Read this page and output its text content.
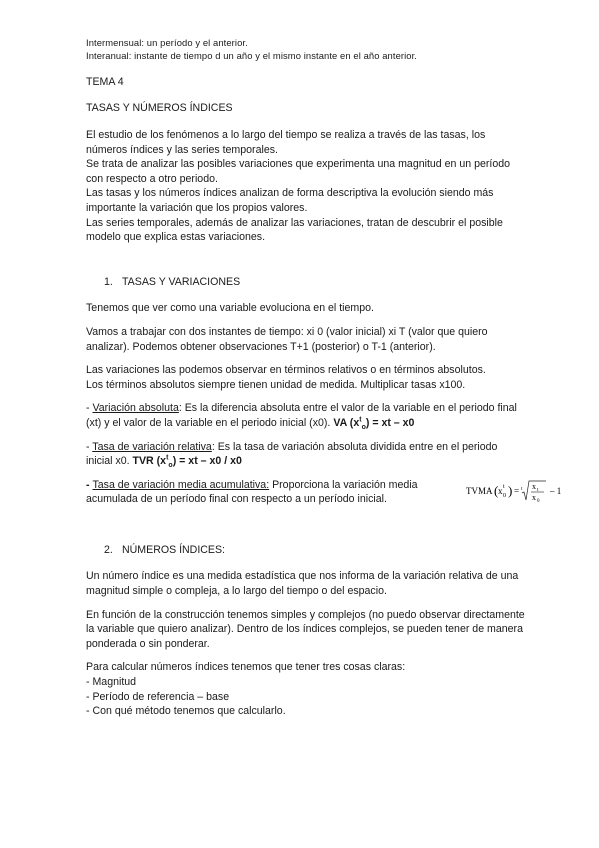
Intermensual: un período y el anterior.

Interanual: instante de tiempo d un año y el mismo instante en el año anterior.

TEMA 4

TASAS Y NÚMEROS ÍNDICES

El estudio de los fenómenos a lo largo del tiempo se realiza a través de las tasas, los números índices y las series temporales.

Se trata de analizar las posibles variaciones que experimenta una magnitud en un período con respecto a otro periodo.

Las tasas y los números índices analizan de forma descriptiva la evolución siendo más importante la variación que los propios valores.

Las series temporales, además de analizar las variaciones, tratan de descubrir el posible modelo que explica estas variaciones.

1. TASAS Y VARIACIONES

Tenemos que ver como una variable evoluciona en el tiempo.

Vamos a trabajar con dos instantes de tiempo: xi 0 (valor inicial) xi T (valor que quiero analizar). Podemos obtener observaciones T+1 (posterior) o T-1 (anterior).

Las variaciones las podemos observar en términos relativos o en términos absolutos.

Los términos absolutos siempre tienen unidad de medida. Multiplicar tasas x100.

- Variación absoluta: Es la diferencia absoluta entre el valor de la variable en el periodo final (xt) y el valor de la variable en el periodo inicial (x0). VA $(x^t_o)$ = xt – x0

- Tasa de variación relativa: Es la tasa de variación absoluta dividida entre en el periodo inicial x0. TVR $(x^t_o)$ = xt – x0 / x0

- Tasa de variación media acumulativa: Proporciona la variación media acumulada de un período final con respecto a un período inicial.

TVMA ( x t
0 ) = t x t
x 0
– 1

2. NÚMEROS ÍNDICES:

Un número índice es una medida estadística que nos informa de la variación relativa de una magnitud simple o compleja, a lo largo del tiempo o del espacio.

En función de la construcción tenemos simples y complejos (no puedo observar directamente la variable que quiero analizar). Dentro de los índices complejos, se pueden tener de manera ponderada o sin ponderar.

Para calcular números índices tenemos que tener tres cosas claras:

- Magnitud

- Período de referencia – base

- Con qué método tenemos que calcularlo.
